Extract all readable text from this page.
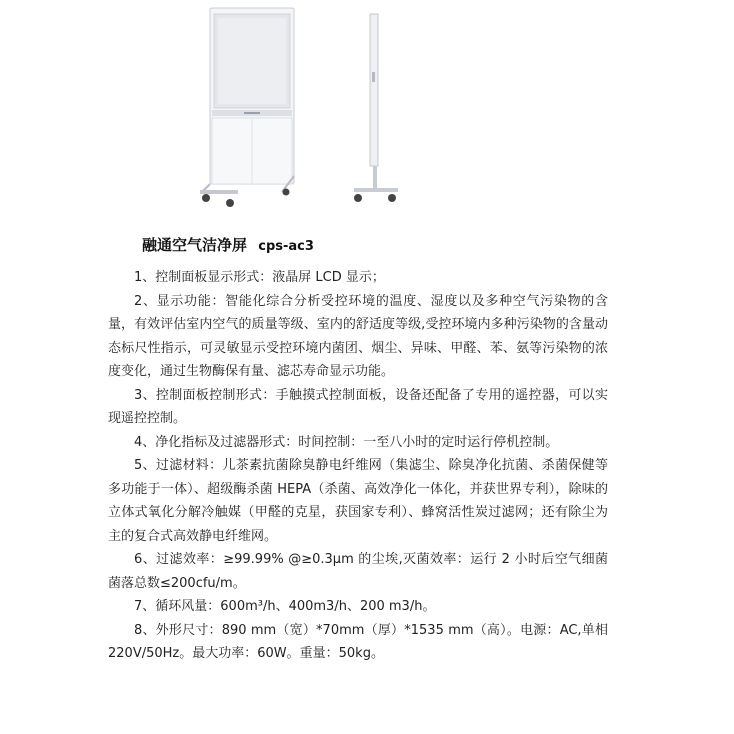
融通空气洁净屏 cps-ac3

1、控制面板显示形式：液晶屏 LCD 显示；

2、显示功能：智能化综合分析受控环境的温度、湿度以及多种空气污染物的含量，有效评估室内空气的质量等级、室内的舒适度等级,受控环境内多种污染物的含量动态标尺性指示，可灵敏显示受控环境内菌团、烟尘、异味、甲醛、苯、氨等污染物的浓度变化，通过生物酶保有量、滤芯寿命显示功能。

3、控制面板控制形式：手触摸式控制面板，设备还配备了专用的遥控器，可以实现遥控控制。

4、净化指标及过滤器形式：时间控制：一至八小时的定时运行停机控制。

5、过滤材料：儿茶素抗菌除臭静电纤维网（集滤尘、除臭净化抗菌、杀菌保健等多功能于一体）、超级酶杀菌 HEPA（杀菌、高效净化一体化，并获世界专利），除味的立体式氧化分解冷触媒（甲醛的克星，获国家专利）、蜂窝活性炭过滤网；还有除尘为主的复合式高效静电纤维网。

6、过滤效率：≥99.99% @≥0.3μm 的尘埃,灭菌效率：运行 2 小时后空气细菌菌落总数≤200cfu/m。

7、循环风量：600m³/h、400m3/h、200 m3/h。

8、外形尺寸：890 mm（宽）*70mm（厚）*1535 mm（高）。电源：AC,单相 220V/50Hz。最大功率：60W。重量：50kg。
